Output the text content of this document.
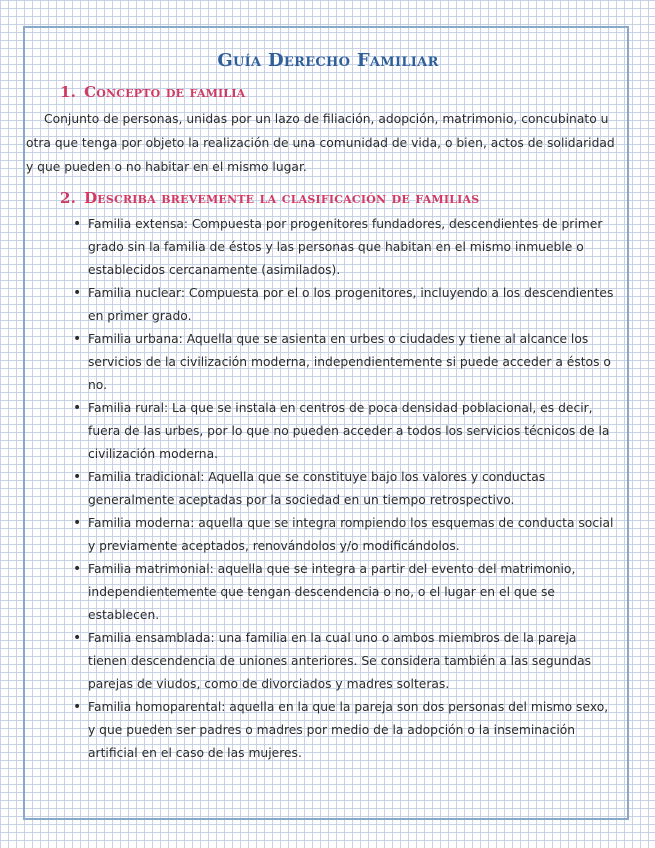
Guía Derecho Familiar
1. Concepto de familia

Conjunto de personas, unidas por un lazo de filiación, adopción, matrimonio, concubinato u otra que tenga por objeto la realización de una comunidad de vida, o bien, actos de solidaridad y que pueden o no habitar en el mismo lugar.

2. Describa brevemente la clasificación de familias
• Familia extensa: Compuesta por progenitores fundadores, descendientes de primer grado sin la familia de éstos y las personas que habitan en el mismo inmueble o establecidos cercanamente (asimilados).
• Familia nuclear: Compuesta por el o los progenitores, incluyendo a los descendientes en primer grado.
• Familia urbana: Aquella que se asienta en urbes o ciudades y tiene al alcance los servicios de la civilización moderna, independientemente si puede acceder a éstos o no.
• Familia rural: La que se instala en centros de poca densidad poblacional, es decir, fuera de las urbes, por lo que no pueden acceder a todos los servicios técnicos de la civilización moderna.
• Familia tradicional: Aquella que se constituye bajo los valores y conductas generalmente aceptadas por la sociedad en un tiempo retrospectivo.
• Familia moderna: aquella que se integra rompiendo los esquemas de conducta social y previamente aceptados, renovándolos y/o modificándolos.
• Familia matrimonial: aquella que se integra a partir del evento del matrimonio, independientemente que tengan descendencia o no, o el lugar en el que se establecen.
• Familia ensamblada: una familia en la cual uno o ambos miembros de la pareja tienen descendencia de uniones anteriores. Se considera también a las segundas parejas de viudos, como de divorciados y madres solteras.
• Familia homoparental: aquella en la que la pareja son dos personas del mismo sexo, y que pueden ser padres o madres por medio de la adopción o la inseminación artificial en el caso de las mujeres.
